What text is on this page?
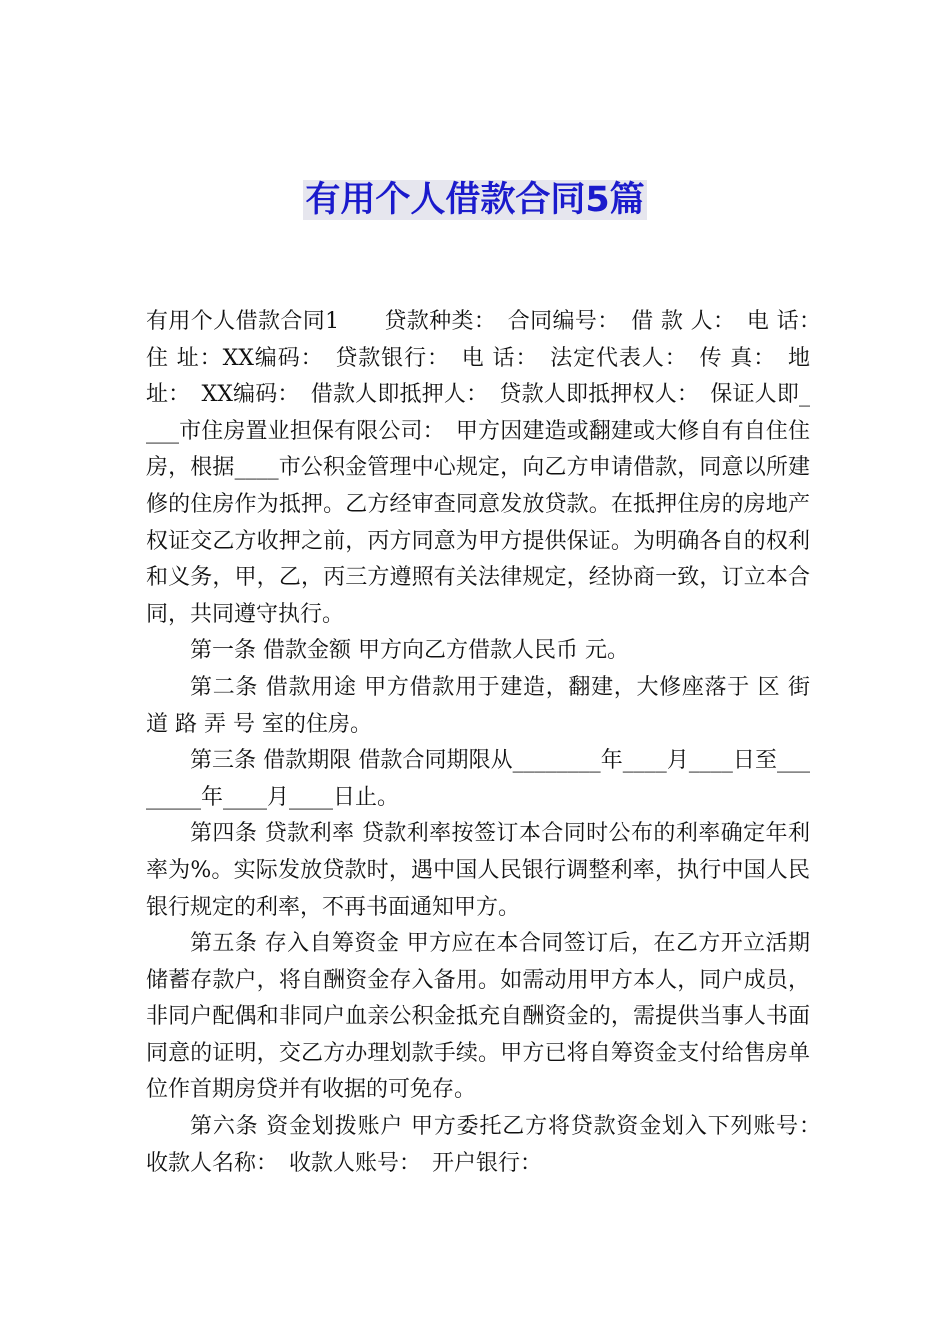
有用个人借款合同5篇

有用个人借款合同1　　贷款种类：　合同编号：　借 款 人：　电 话：　住 址：XX编码：　贷款银行：　电 话：　法定代表人：　传 真：　地 址：　XX编码：　借款人即抵押人：　贷款人即抵押权人：　保证人即____市住房置业担保有限公司：　甲方因建造或翻建或大修自有自住住房，根据____市公积金管理中心规定，向乙方申请借款，同意以所建修的住房作为抵押。乙方经审查同意发放贷款。在抵押住房的房地产权证交乙方收押之前，丙方同意为甲方提供保证。为明确各自的权利和义务，甲，乙，丙三方遵照有关法律规定，经协商一致，订立本合同，共同遵守执行。

第一条 借款金额 甲方向乙方借款人民币 元。

第二条 借款用途 甲方借款用于建造，翻建，大修座落于 区 街道 路 弄 号 室的住房。

第三条 借款期限 借款合同期限从________年____月____日至________年____月____日止。

第四条 贷款利率 贷款利率按签订本合同时公布的利率确定年利率为%。实际发放贷款时，遇中国人民银行调整利率，执行中国人民银行规定的利率，不再书面通知甲方。

第五条 存入自筹资金 甲方应在本合同签订后，在乙方开立活期储蓄存款户，将自酬资金存入备用。如需动用甲方本人，同户成员，非同户配偶和非同户血亲公积金抵充自酬资金的，需提供当事人书面同意的证明，交乙方办理划款手续。甲方已将自筹资金支付给售房单位作首期房贷并有收据的可免存。

第六条 资金划拨账户 甲方委托乙方将贷款资金划入下列账号：　收款人名称：　收款人账号：　开户银行：
